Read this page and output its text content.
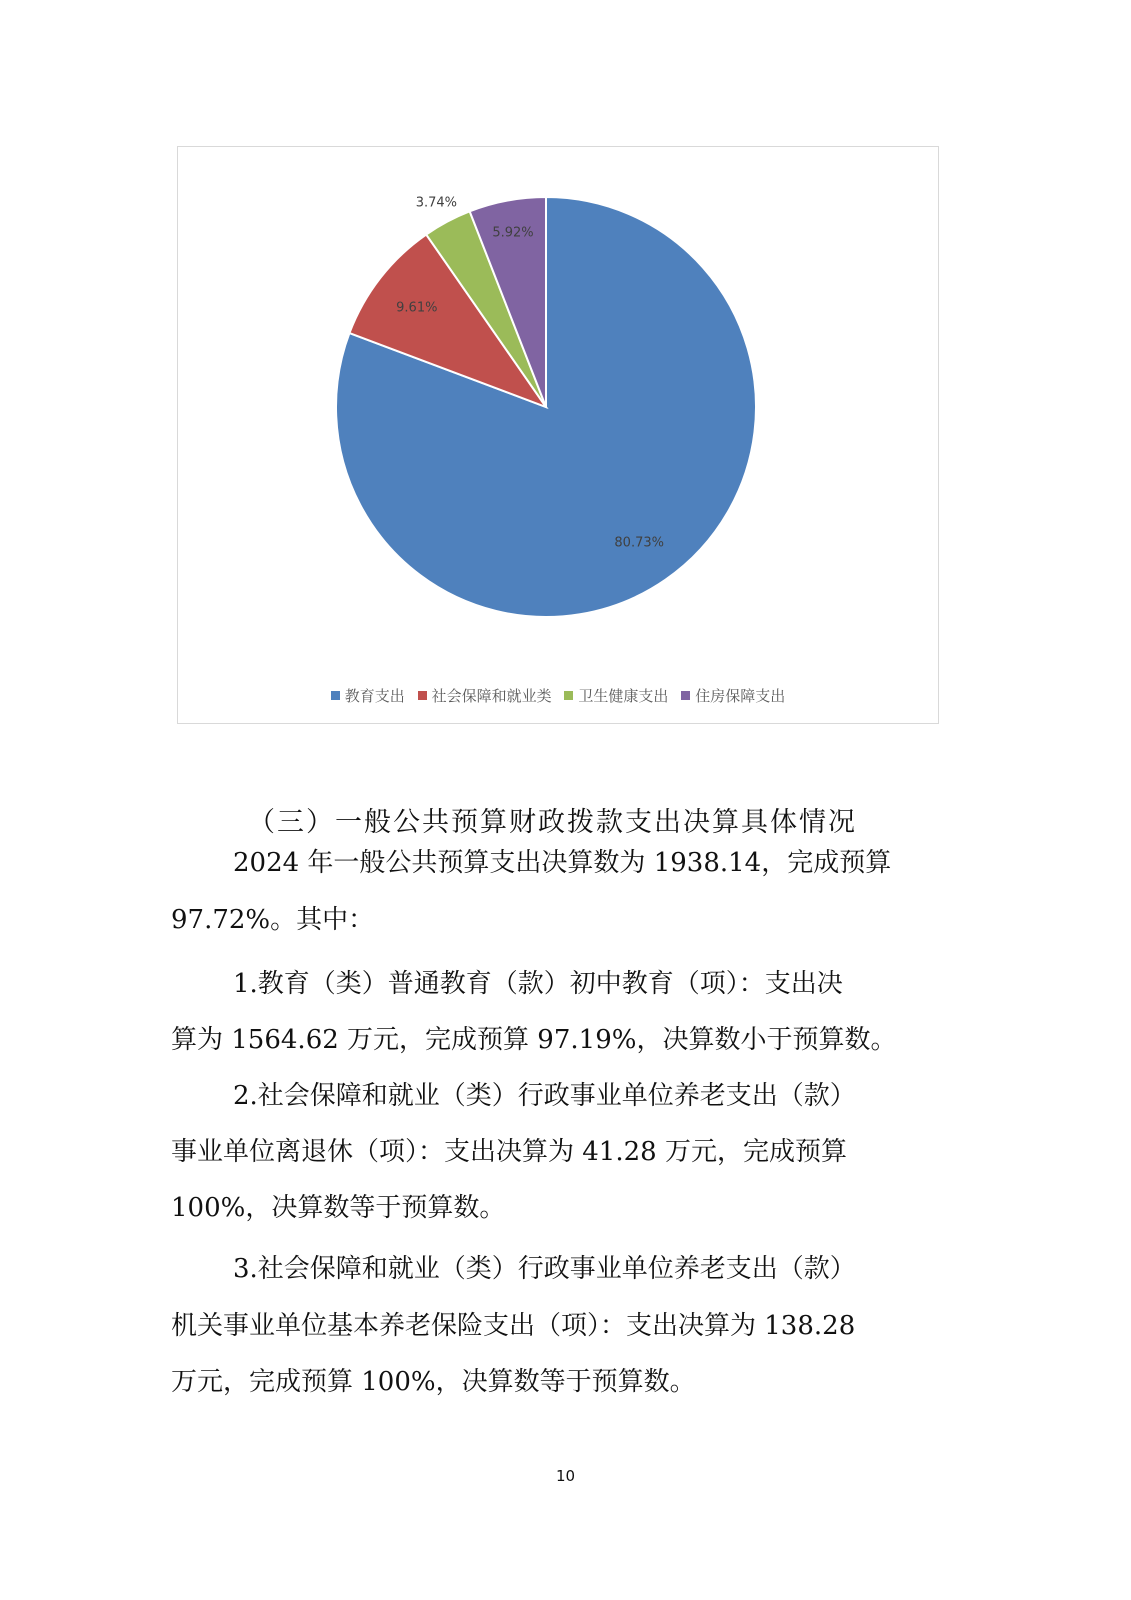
80.73%
9.61%
3.74%
5.92%
教育支出 社会保障和就业类 卫生健康支出 住房保障支出
（三）一般公共预算财政拨款支出决算具体情况
2024 年一般公共预算支出决算数为 1938.14，完成预算
97.72%。其中：
1.教育（类）普通教育（款）初中教育（项）：支出决
算为 1564.62 万元，完成预算 97.19%，决算数小于预算数。
2.社会保障和就业（类）行政事业单位养老支出（款）
事业单位离退休（项）：支出决算为 41.28 万元，完成预算
100%，决算数等于预算数。
3.社会保障和就业（类）行政事业单位养老支出（款）
机关事业单位基本养老保险支出（项）：支出决算为 138.28
万元，完成预算 100%，决算数等于预算数。
10
